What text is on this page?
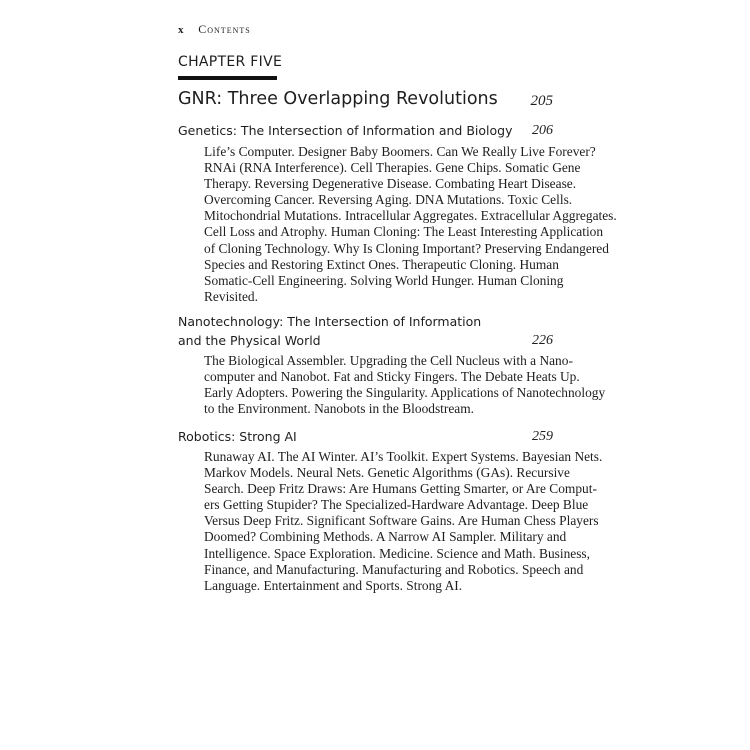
x Contents
CHAPTER FIVE
GNR: Three Overlapping Revolutions 205
Genetics: The Intersection of Information and Biology 206
Life’s Computer. Designer Baby Boomers. Can We Really Live Forever?
RNAi (RNA Interference). Cell Therapies. Gene Chips. Somatic Gene
Therapy. Reversing Degenerative Disease. Combating Heart Disease.
Overcoming Cancer. Reversing Aging. DNA Mutations. Toxic Cells.
Mitochondrial Mutations. Intracellular Aggregates. Extracellular Aggregates.
Cell Loss and Atrophy. Human Cloning: The Least Interesting Application
of Cloning Technology. Why Is Cloning Important? Preserving Endangered
Species and Restoring Extinct Ones. Therapeutic Cloning. Human
Somatic-Cell Engineering. Solving World Hunger. Human Cloning
Revisited.
Nanotechnology: The Intersection of Information
and the Physical World	226
The Biological Assembler. Upgrading the Cell Nucleus with a Nano-
computer and Nanobot. Fat and Sticky Fingers. The Debate Heats Up.
Early Adopters. Powering the Singularity. Applications of Nanotechnology
to the Environment. Nanobots in the Bloodstream.
Robotics: Strong AI	259
Runaway AI. The AI Winter. AI’s Toolkit. Expert Systems. Bayesian Nets.
Markov Models. Neural Nets. Genetic Algorithms (GAs). Recursive
Search. Deep Fritz Draws: Are Humans Getting Smarter, or Are Comput-
ers Getting Stupider? The Specialized-Hardware Advantage. Deep Blue
Versus Deep Fritz. Significant Software Gains. Are Human Chess Players
Doomed? Combining Methods. A Narrow AI Sampler. Military and
Intelligence. Space Exploration. Medicine. Science and Math. Business,
Finance, and Manufacturing. Manufacturing and Robotics. Speech and
Language. Entertainment and Sports. Strong AI.
